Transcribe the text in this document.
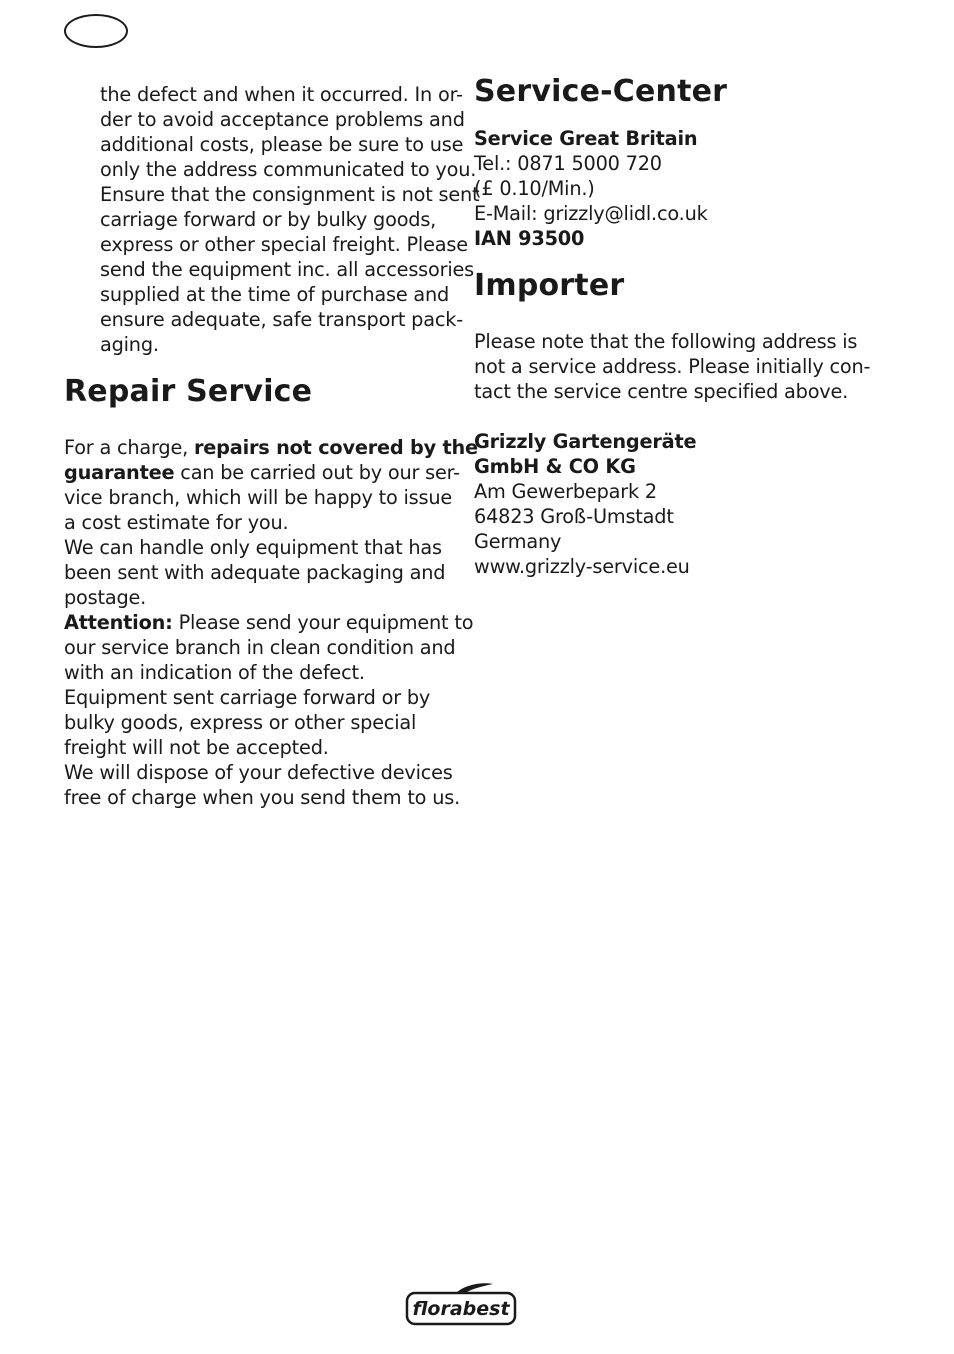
the defect and when it occurred. In or-
der to avoid acceptance problems and
additional costs, please be sure to use
only the address communicated to you.
Ensure that the consignment is not sent
carriage forward or by bulky goods,
express or other special freight. Please
send the equipment inc. all accessories
supplied at the time of purchase and
ensure adequate, safe transport pack-
aging.

Repair Service

For a charge, repairs not covered by the
guarantee can be carried out by our ser-
vice branch, which will be happy to issue
a cost estimate for you.
We can handle only equipment that has
been sent with adequate packaging and
postage.
Attention: Please send your equipment to
our service branch in clean condition and
with an indication of the defect.
Equipment sent carriage forward or by
bulky goods, express or other special
freight will not be accepted.
We will dispose of your defective devices
free of charge when you send them to us.

Service-Center

Service Great Britain
Tel.: 0871 5000 720
(£ 0.10/Min.)
E-Mail: grizzly@lidl.co.uk
IAN 93500

Importer

Please note that the following address is
not a service address. Please initially con-
tact the service centre specified above.

Grizzly Gartengeräte
GmbH & CO KG
Am Gewerbepark 2
64823 Groß-Umstadt
Germany
www.grizzly-service.eu

florabest
